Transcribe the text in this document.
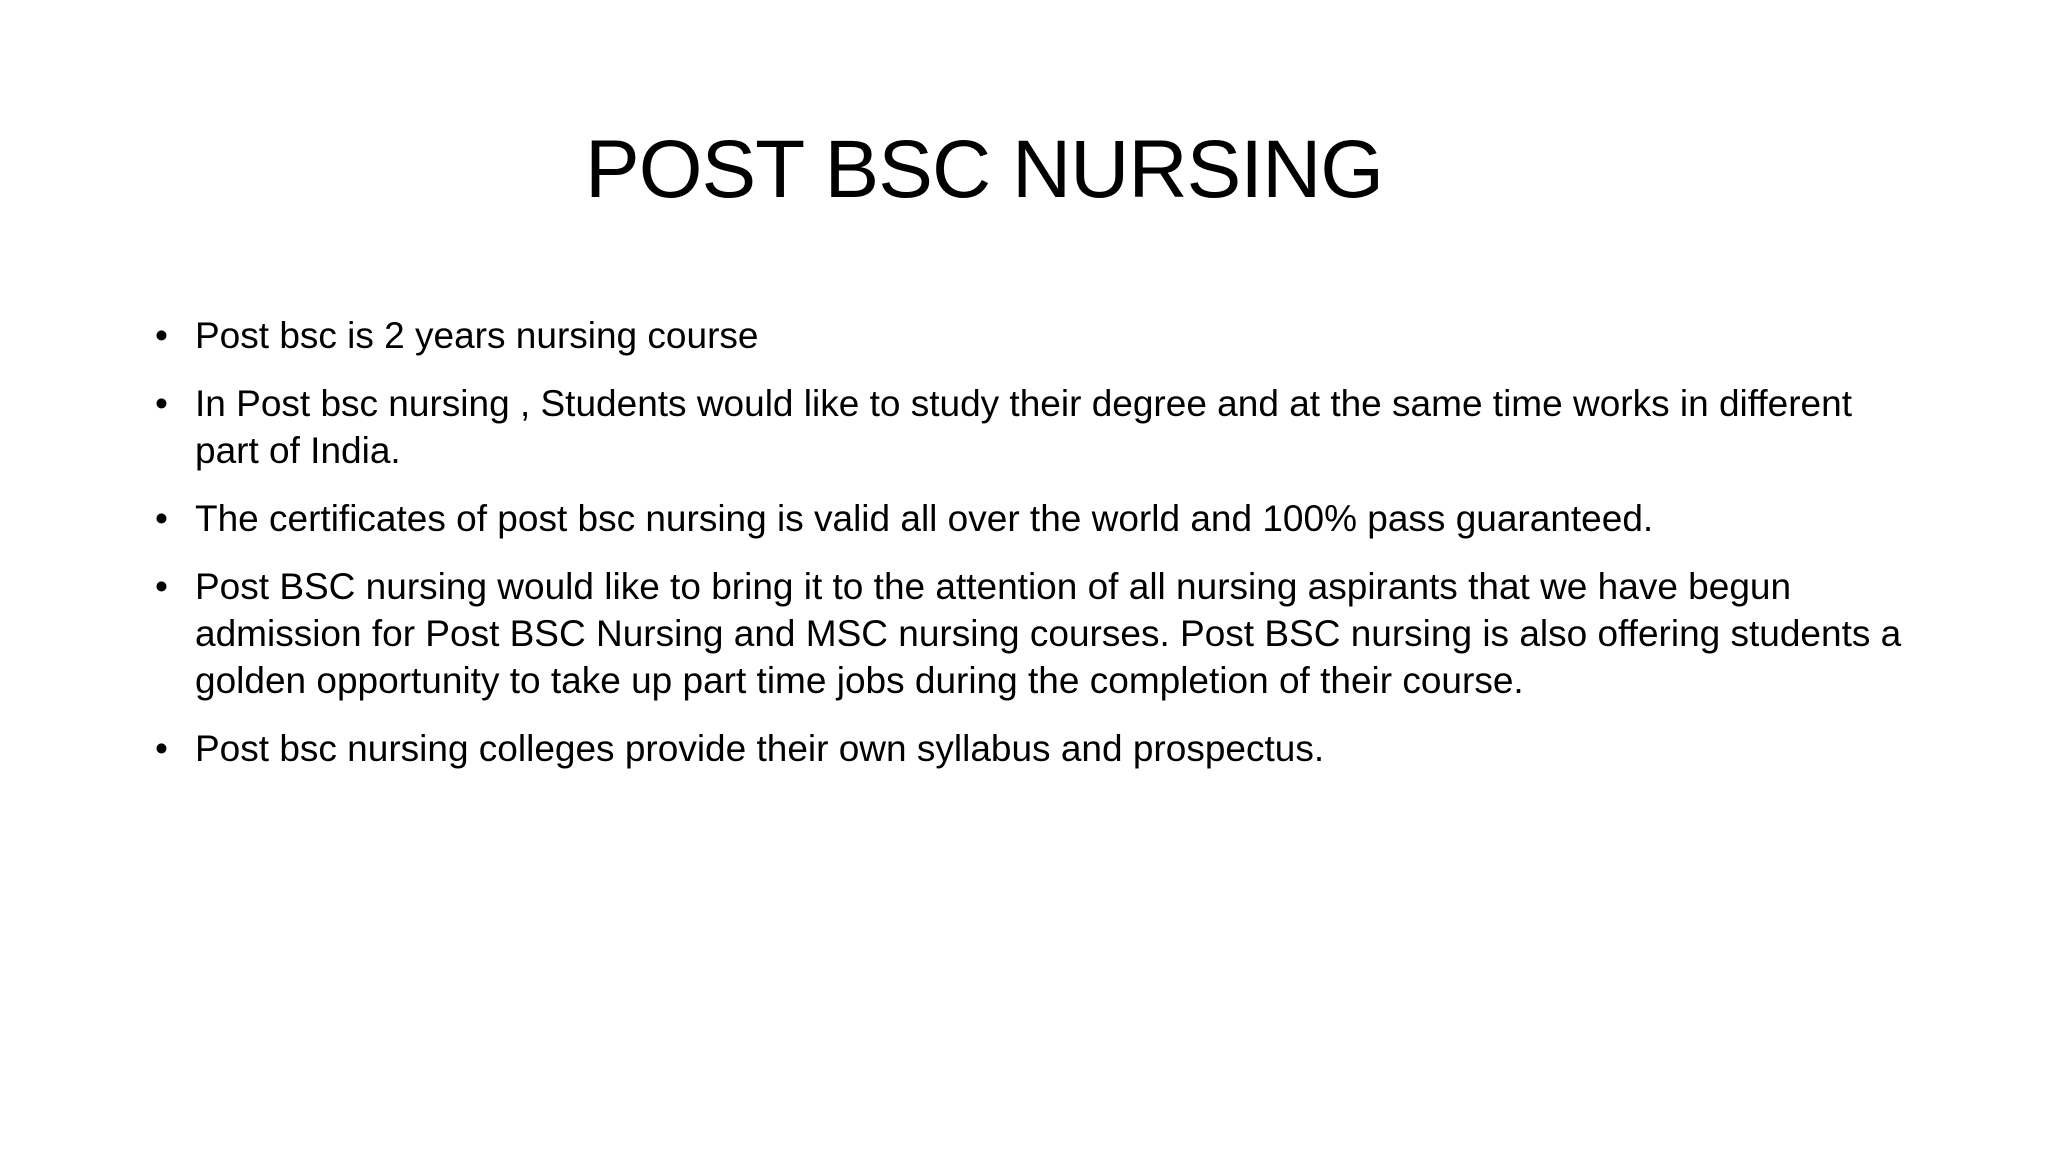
POST BSC NURSING
• Post bsc is 2 years nursing course
• In Post bsc nursing , Students would like to study their degree and at the same time works in different part of India.
• The certificates of post bsc nursing is valid all over the world and 100% pass guaranteed.
• Post BSC nursing would like to bring it to the attention of all nursing aspirants that we have begun admission for Post BSC Nursing and MSC nursing courses. Post BSC nursing is also offering students a golden opportunity to take up part time jobs during the completion of their course.
• Post bsc nursing colleges provide their own syllabus and prospectus.
